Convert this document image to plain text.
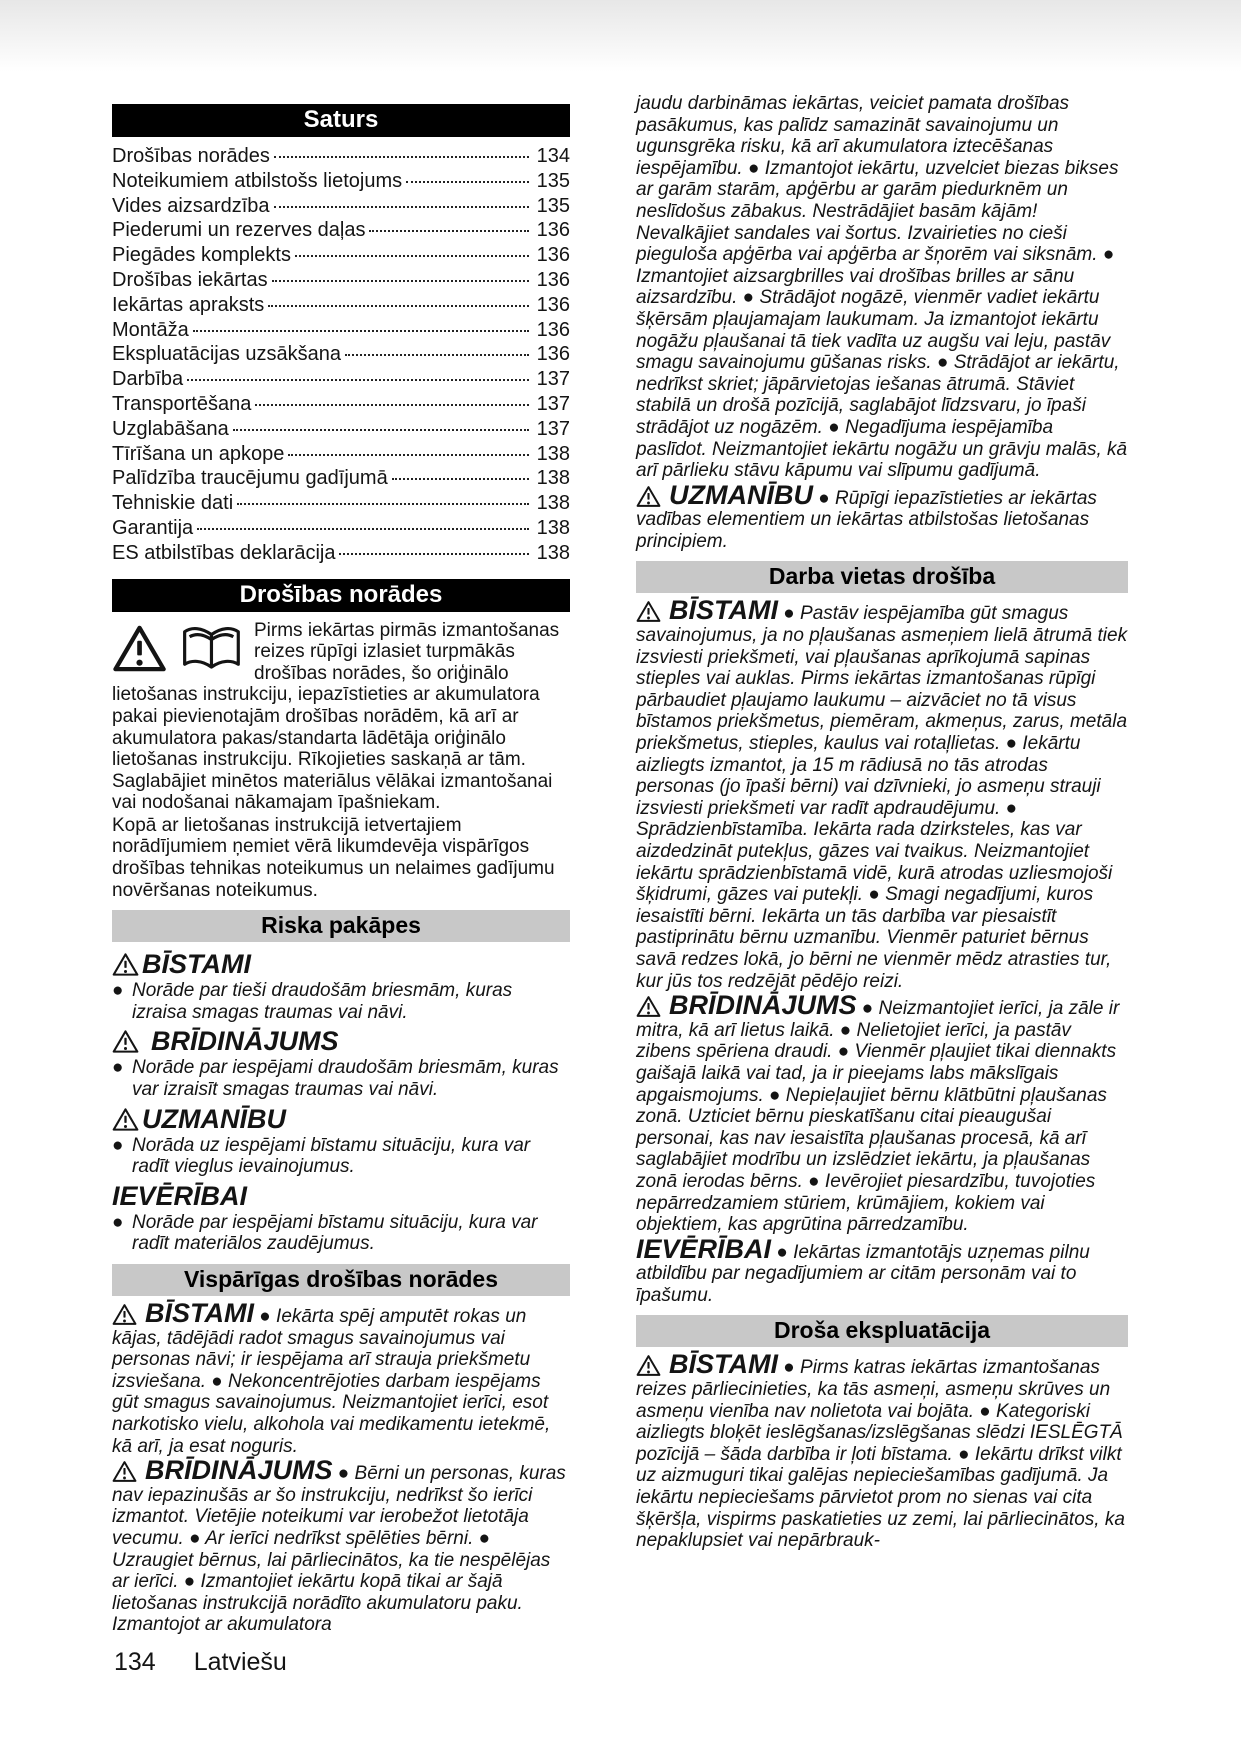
Saturs
Drošības norādes	134
Noteikumiem atbilstošs lietojums	135
Vides aizsardzība	135
Piederumi un rezerves daļas	136
Piegādes komplekts	136
Drošības iekārtas	136
Iekārtas apraksts	136
Montāža	136
Ekspluatācijas uzsākšana	136
Darbība	137
Transportēšana	137
Uzglabāšana	137
Tīrīšana un apkope	138
Palīdzība traucējumu gadījumā	138
Tehniskie dati	138
Garantija	138
ES atbilstības deklarācija	138
Drošības norādes

Pirms iekārtas pirmās izmantošanas reizes rūpīgi izlasiet turpmākās drošības norādes, šo oriģinālo lietošanas instrukciju, iepazīstieties ar akumulatora pakai pievienotajām drošības norādēm, kā arī ar akumulatora pakas/standarta lādētāja oriģinālo lietošanas instrukciju. Rīkojieties saskaņā ar tām. Saglabājiet minētos materiālus vēlākai izmantošanai vai nodošanai nākamajam īpašniekam.

Kopā ar lietošanas instrukcijā ietvertajiem norādījumiem ņemiet vērā likumdevēja vispārīgos drošības tehnikas noteikumus un nelaimes gadījumu novēršanas noteikumus.

Riska pakāpes
BĪSTAMI
● Norāde par tieši draudošām briesmām, kuras izraisa smagas traumas vai nāvi.
BRĪDINĀJUMS
● Norāde par iespējami draudošām briesmām, kuras var izraisīt smagas traumas vai nāvi.
UZMANĪBU
● Norāda uz iespējami bīstamu situāciju, kura var radīt vieglus ievainojumus.
IEVĒRĪBAI
● Norāde par iespējami bīstamu situāciju, kura var radīt materiālos zaudējumus.
Vispārīgas drošības norādes

BĪSTAMI ● Iekārta spēj amputēt rokas un kājas, tādējādi radot smagus savainojumus vai personas nāvi; ir iespējama arī strauja priekšmetu izsviešana. ● Nekoncentrējoties darbam iespējams gūt smagus savainojumus. Neizmantojiet ierīci, esot narkotisko vielu, alkohola vai medikamentu ietekmē, kā arī, ja esat noguris.

BRĪDINĀJUMS ● Bērni un personas, kuras nav iepazinušās ar šo instrukciju, nedrīkst šo ierīci izmantot. Vietējie noteikumi var ierobežot lietotāja vecumu. ● Ar ierīci nedrīkst spēlēties bērni. ● Uzraugiet bērnus, lai pārliecinātos, ka tie nespēlējas ar ierīci. ● Izmantojiet iekārtu kopā tikai ar šajā lietošanas instrukcijā norādīto akumulatoru paku. Izmantojot ar akumulatora

jaudu darbināmas iekārtas, veiciet pamata drošības pasākumus, kas palīdz samazināt savainojumu un ugunsgrēka risku, kā arī akumulatora iztecēšanas iespējamību. ● Izmantojot iekārtu, uzvelciet biezas bikses ar garām starām, apģērbu ar garām piedurknēm un neslīdošus zābakus. Nestrādājiet basām kājām! Nevalkājiet sandales vai šortus. Izvairieties no cieši pieguloša apģērba vai apģērba ar šņorēm vai siksnām. ● Izmantojiet aizsargbrilles vai drošības brilles ar sānu aizsardzību. ● Strādājot nogāzē, vienmēr vadiet iekārtu šķērsām pļaujamajam laukumam. Ja izmantojot iekārtu nogāžu pļaušanai tā tiek vadīta uz augšu vai leju, pastāv smagu savainojumu gūšanas risks. ● Strādājot ar iekārtu, nedrīkst skriet; jāpārvietojas iešanas ātrumā. Stāviet stabilā un drošā pozīcijā, saglabājot līdzsvaru, jo īpaši strādājot uz nogāzēm. ● Negadījuma iespējamība paslīdot. Neizmantojiet iekārtu nogāžu un grāvju malās, kā arī pārlieku stāvu kāpumu vai slīpumu gadījumā.

UZMANĪBU ● Rūpīgi iepazīstieties ar iekārtas vadības elementiem un iekārtas atbilstošas lietošanas principiem.

Darba vietas drošība

BĪSTAMI ● Pastāv iespējamība gūt smagus savainojumus, ja no pļaušanas asmeņiem lielā ātrumā tiek izsviesti priekšmeti, vai pļaušanas aprīkojumā sapinas stieples vai auklas. Pirms iekārtas izmantošanas rūpīgi pārbaudiet pļaujamo laukumu – aizvāciet no tā visus bīstamos priekšmetus, piemēram, akmeņus, zarus, metāla priekšmetus, stieples, kaulus vai rotaļlietas. ● Iekārtu aizliegts izmantot, ja 15 m rādiusā no tās atrodas personas (jo īpaši bērni) vai dzīvnieki, jo asmeņu strauji izsviesti priekšmeti var radīt apdraudējumu. ● Sprādzienbīstamība. Iekārta rada dzirksteles, kas var aizdedzināt putekļus, gāzes vai tvaikus. Neizmantojiet iekārtu sprādzienbīstamā vidē, kurā atrodas uzliesmojoši šķidrumi, gāzes vai putekļi. ● Smagi negadījumi, kuros iesaistīti bērni. Iekārta un tās darbība var piesaistīt pastiprinātu bērnu uzmanību. Vienmēr paturiet bērnus savā redzes lokā, jo bērni ne vienmēr mēdz atrasties tur, kur jūs tos redzējāt pēdējo reizi.

BRĪDINĀJUMS ● Neizmantojiet ierīci, ja zāle ir mitra, kā arī lietus laikā. ● Nelietojiet ierīci, ja pastāv zibens spēriena draudi. ● Vienmēr pļaujiet tikai diennakts gaišajā laikā vai tad, ja ir pieejams labs mākslīgais apgaismojums. ● Nepieļaujiet bērnu klātbūtni pļaušanas zonā. Uzticiet bērnu pieskatīšanu citai pieaugušai personai, kas nav iesaistīta pļaušanas procesā, kā arī saglabājiet modrību un izslēdziet iekārtu, ja pļaušanas zonā ierodas bērns. ● Ievērojiet piesardzību, tuvojoties nepārredzamiem stūriem, krūmājiem, kokiem vai objektiem, kas apgrūtina pārredzamību.

IEVĒRĪBAI ● Iekārtas izmantotājs uzņemas pilnu atbildību par negadījumiem ar citām personām vai to īpašumu.

Droša ekspluatācija

BĪSTAMI ● Pirms katras iekārtas izmantošanas reizes pārliecinieties, ka tās asmeņi, asmeņu skrūves un asmeņu vienība nav nolietota vai bojāta. ● Kategoriski aizliegts bloķēt ieslēgšanas/izslēgšanas slēdzi IESLĒGTĀ pozīcijā – šāda darbība ir ļoti bīstama. ● Iekārtu drīkst vilkt uz aizmuguri tikai galējas nepieciešamības gadījumā. Ja iekārtu nepieciešams pārvietot prom no sienas vai cita šķēršļa, vispirms paskatieties uz zemi, lai pārliecinātos, ka nepaklupsiet vai nepārbrauk-

134 Latviešu
